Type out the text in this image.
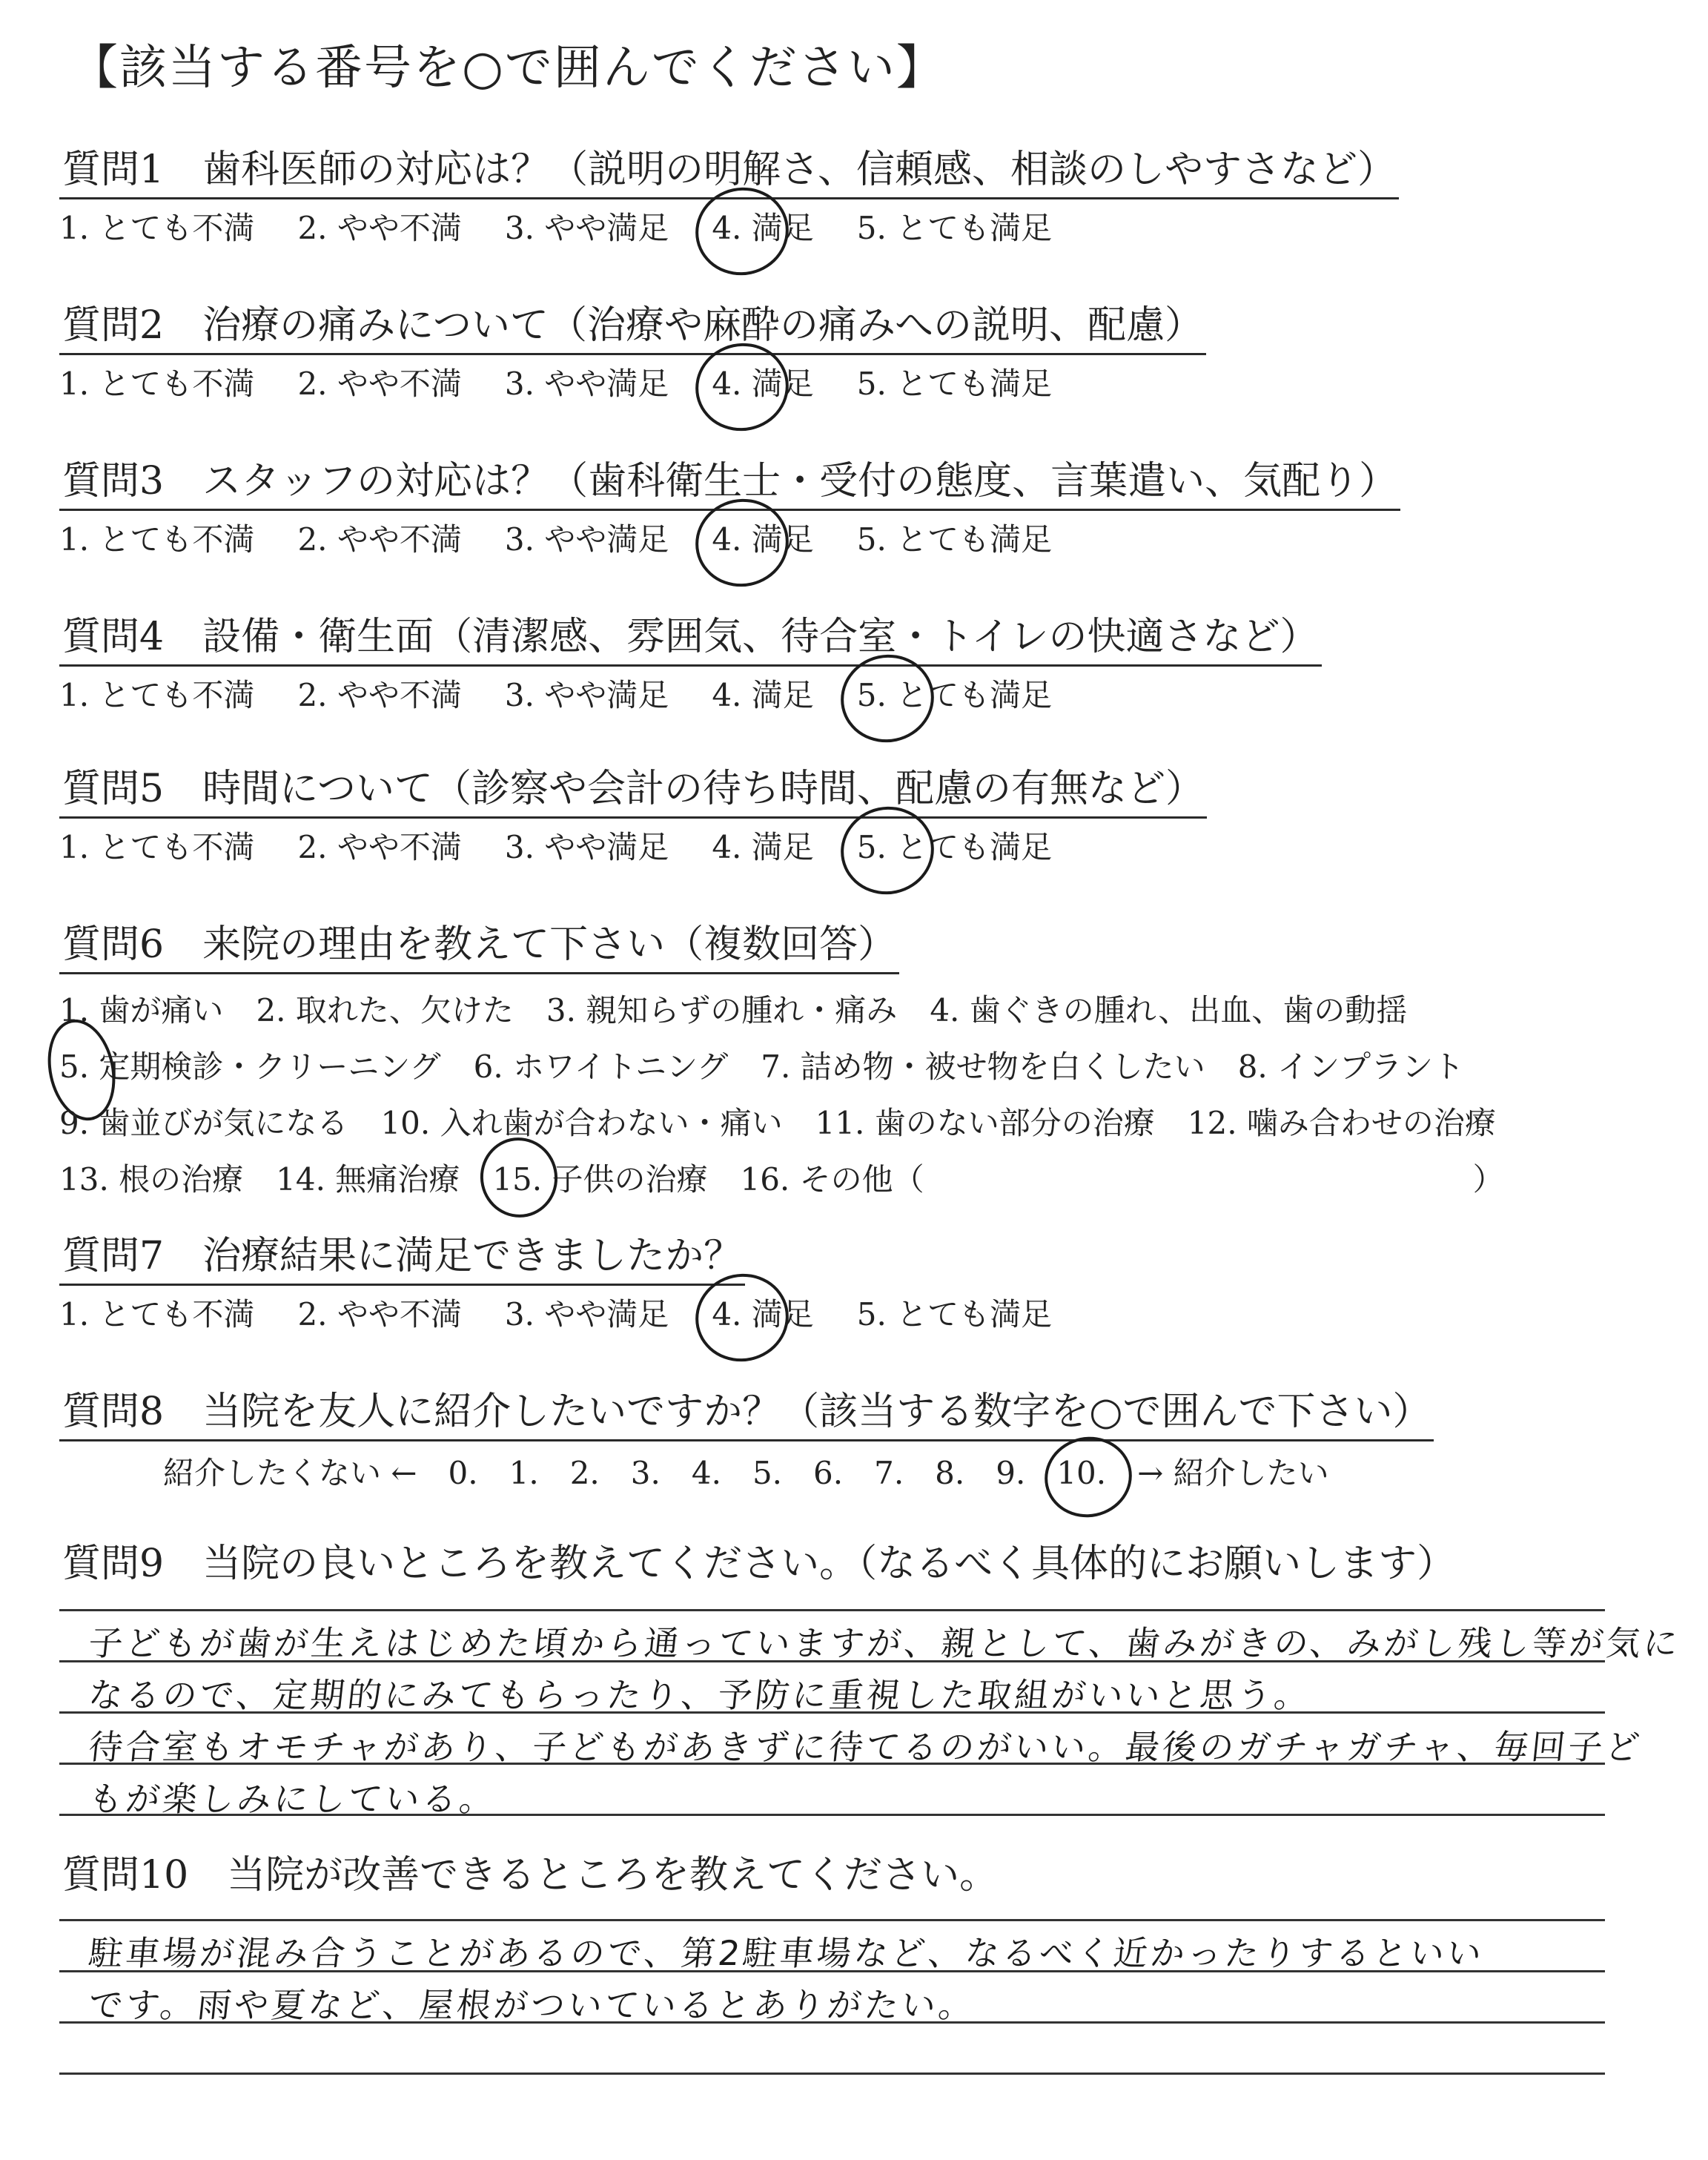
【該当する番号を○で囲んでください】
質問1　歯科医師の対応は？（説明の明解さ、信頼感、相談のしやすさなど）
1. とても不満 2. やや不満 3. やや満足 4. 満足 5. とても満足
質問2　治療の痛みについて（治療や麻酔の痛みへの説明、配慮）
1. とても不満 2. やや不満 3. やや満足 4. 満足 5. とても満足
質問3　スタッフの対応は？（歯科衛生士・受付の態度、言葉遣い、気配り）
1. とても不満 2. やや不満 3. やや満足 4. 満足 5. とても満足
質問4　設備・衛生面（清潔感、雰囲気、待合室・トイレの快適さなど）
1. とても不満 2. やや不満 3. やや満足 4. 満足 5. とても満足
質問5　時間について（診察や会計の待ち時間、配慮の有無など）
1. とても不満 2. やや不満 3. やや満足 4. 満足 5. とても満足
質問6　来院の理由を教えて下さい（複数回答）
1. 歯が痛い 2. 取れた、欠けた 3. 親知らずの腫れ・痛み 4. 歯ぐきの腫れ、出血、歯の動揺
5. 定期検診・クリーニング 6. ホワイトニング 7. 詰め物・被せ物を白くしたい 8. インプラント
9. 歯並びが気になる 10. 入れ歯が合わない・痛い 11. 歯のない部分の治療 12. 噛み合わせの治療
13. 根の治療 14. 無痛治療 15. 子供の治療 16. その他（	）
質問7　治療結果に満足できましたか？
1. とても不満 2. やや不満 3. やや満足 4. 満足 5. とても満足
質問8　当院を友人に紹介したいですか？（該当する数字を○で囲んで下さい）
紹介したくない ← 0. 1. 2. 3. 4. 5. 6. 7. 8. 9. 10. → 紹介したい
質問9　当院の良いところを教えてください。（なるべく具体的にお願いします）
子どもが歯が生えはじめた頃から通っていますが、親として、歯みがきの、みがし残し等が気に
なるので、定期的にみてもらったり、予防に重視した取組がいいと思う。
待合室もオモチャがあり、子どもがあきずに待てるのがいい。最後のガチャガチャ、毎回子ど
もが楽しみにしている。
質問10　当院が改善できるところを教えてください。
駐車場が混み合うことがあるので、第2駐車場など、なるべく近かったりするといい
です。雨や夏など、屋根がついているとありがたい。
